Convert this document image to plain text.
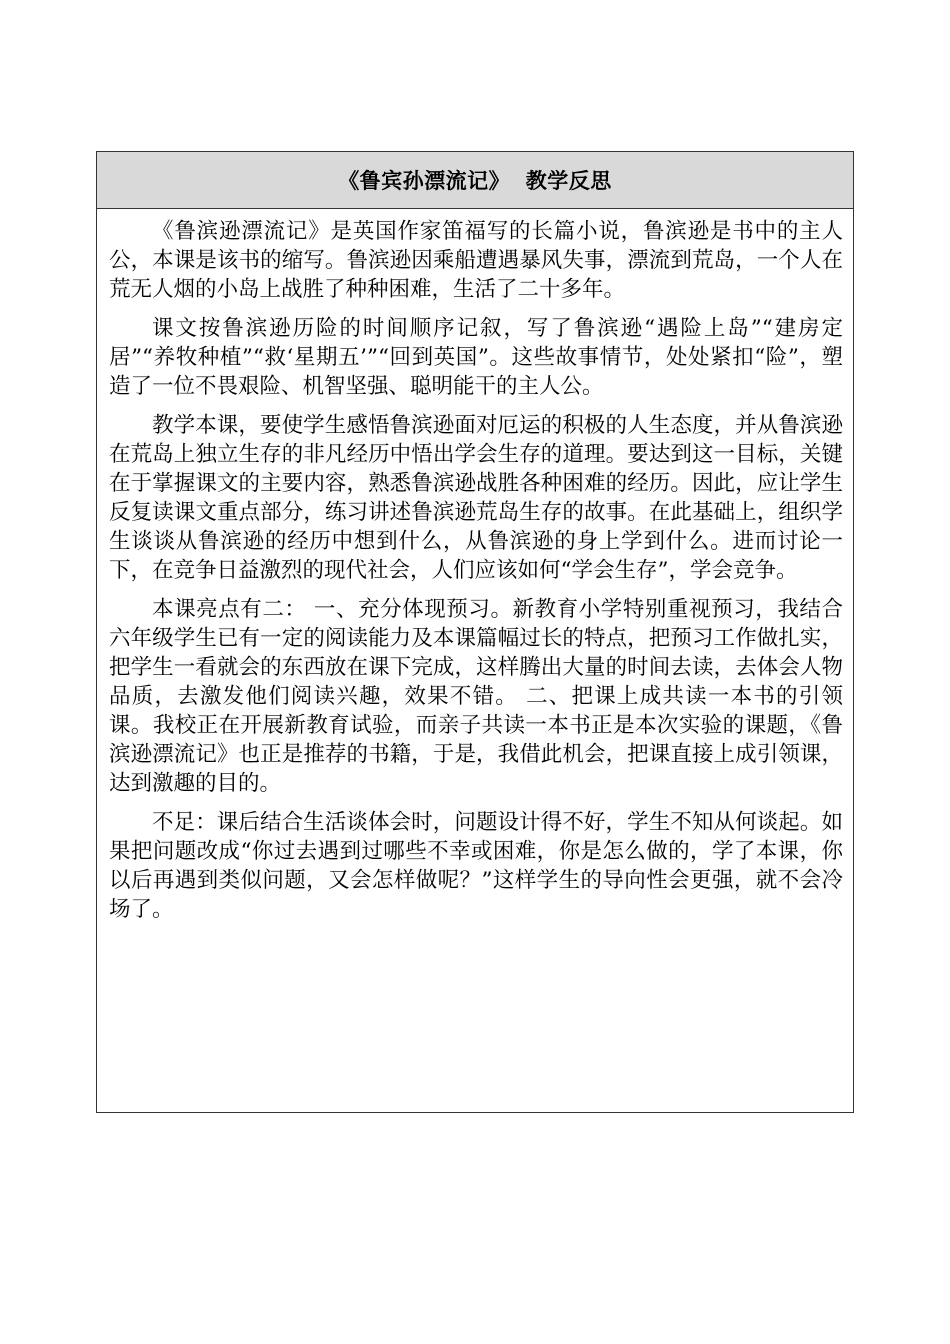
《鲁宾孙漂流记》  教学反思

《鲁滨逊漂流记》是英国作家笛福写的长篇小说，鲁滨逊是书中的主人公，本课是该书的缩写。鲁滨逊因乘船遭遇暴风失事，漂流到荒岛，一个人在荒无人烟的小岛上战胜了种种困难，生活了二十多年。

课文按鲁滨逊历险的时间顺序记叙，写了鲁滨逊“遇险上岛”“建房定居”“养牧种植”“救‘星期五’”“回到英国”。这些故事情节，处处紧扣“险”，塑造了一位不畏艰险、机智坚强、聪明能干的主人公。

教学本课，要使学生感悟鲁滨逊面对厄运的积极的人生态度，并从鲁滨逊在荒岛上独立生存的非凡经历中悟出学会生存的道理。要达到这一目标，关键在于掌握课文的主要内容，熟悉鲁滨逊战胜各种困难的经历。因此，应让学生反复读课文重点部分，练习讲述鲁滨逊荒岛生存的故事。在此基础上，组织学生谈谈从鲁滨逊的经历中想到什么，从鲁滨逊的身上学到什么。进而讨论一下，在竞争日益激烈的现代社会，人们应该如何“学会生存”，学会竞争。

本课亮点有二： 一、充分体现预习。新教育小学特别重视预习，我结合六年级学生已有一定的阅读能力及本课篇幅过长的特点，把预习工作做扎实，把学生一看就会的东西放在课下完成，这样腾出大量的时间去读，去体会人物品质，去激发他们阅读兴趣，效果不错。 二、把课上成共读一本书的引领课。我校正在开展新教育试验，而亲子共读一本书正是本次实验的课题，《鲁滨逊漂流记》也正是推荐的书籍，于是，我借此机会，把课直接上成引领课，达到激趣的目的。

不足：课后结合生活谈体会时，问题设计得不好，学生不知从何谈起。如果把问题改成“你过去遇到过哪些不幸或困难，你是怎么做的，学了本课，你以后再遇到类似问题，又会怎样做呢？”这样学生的导向性会更强，就不会冷场了。
